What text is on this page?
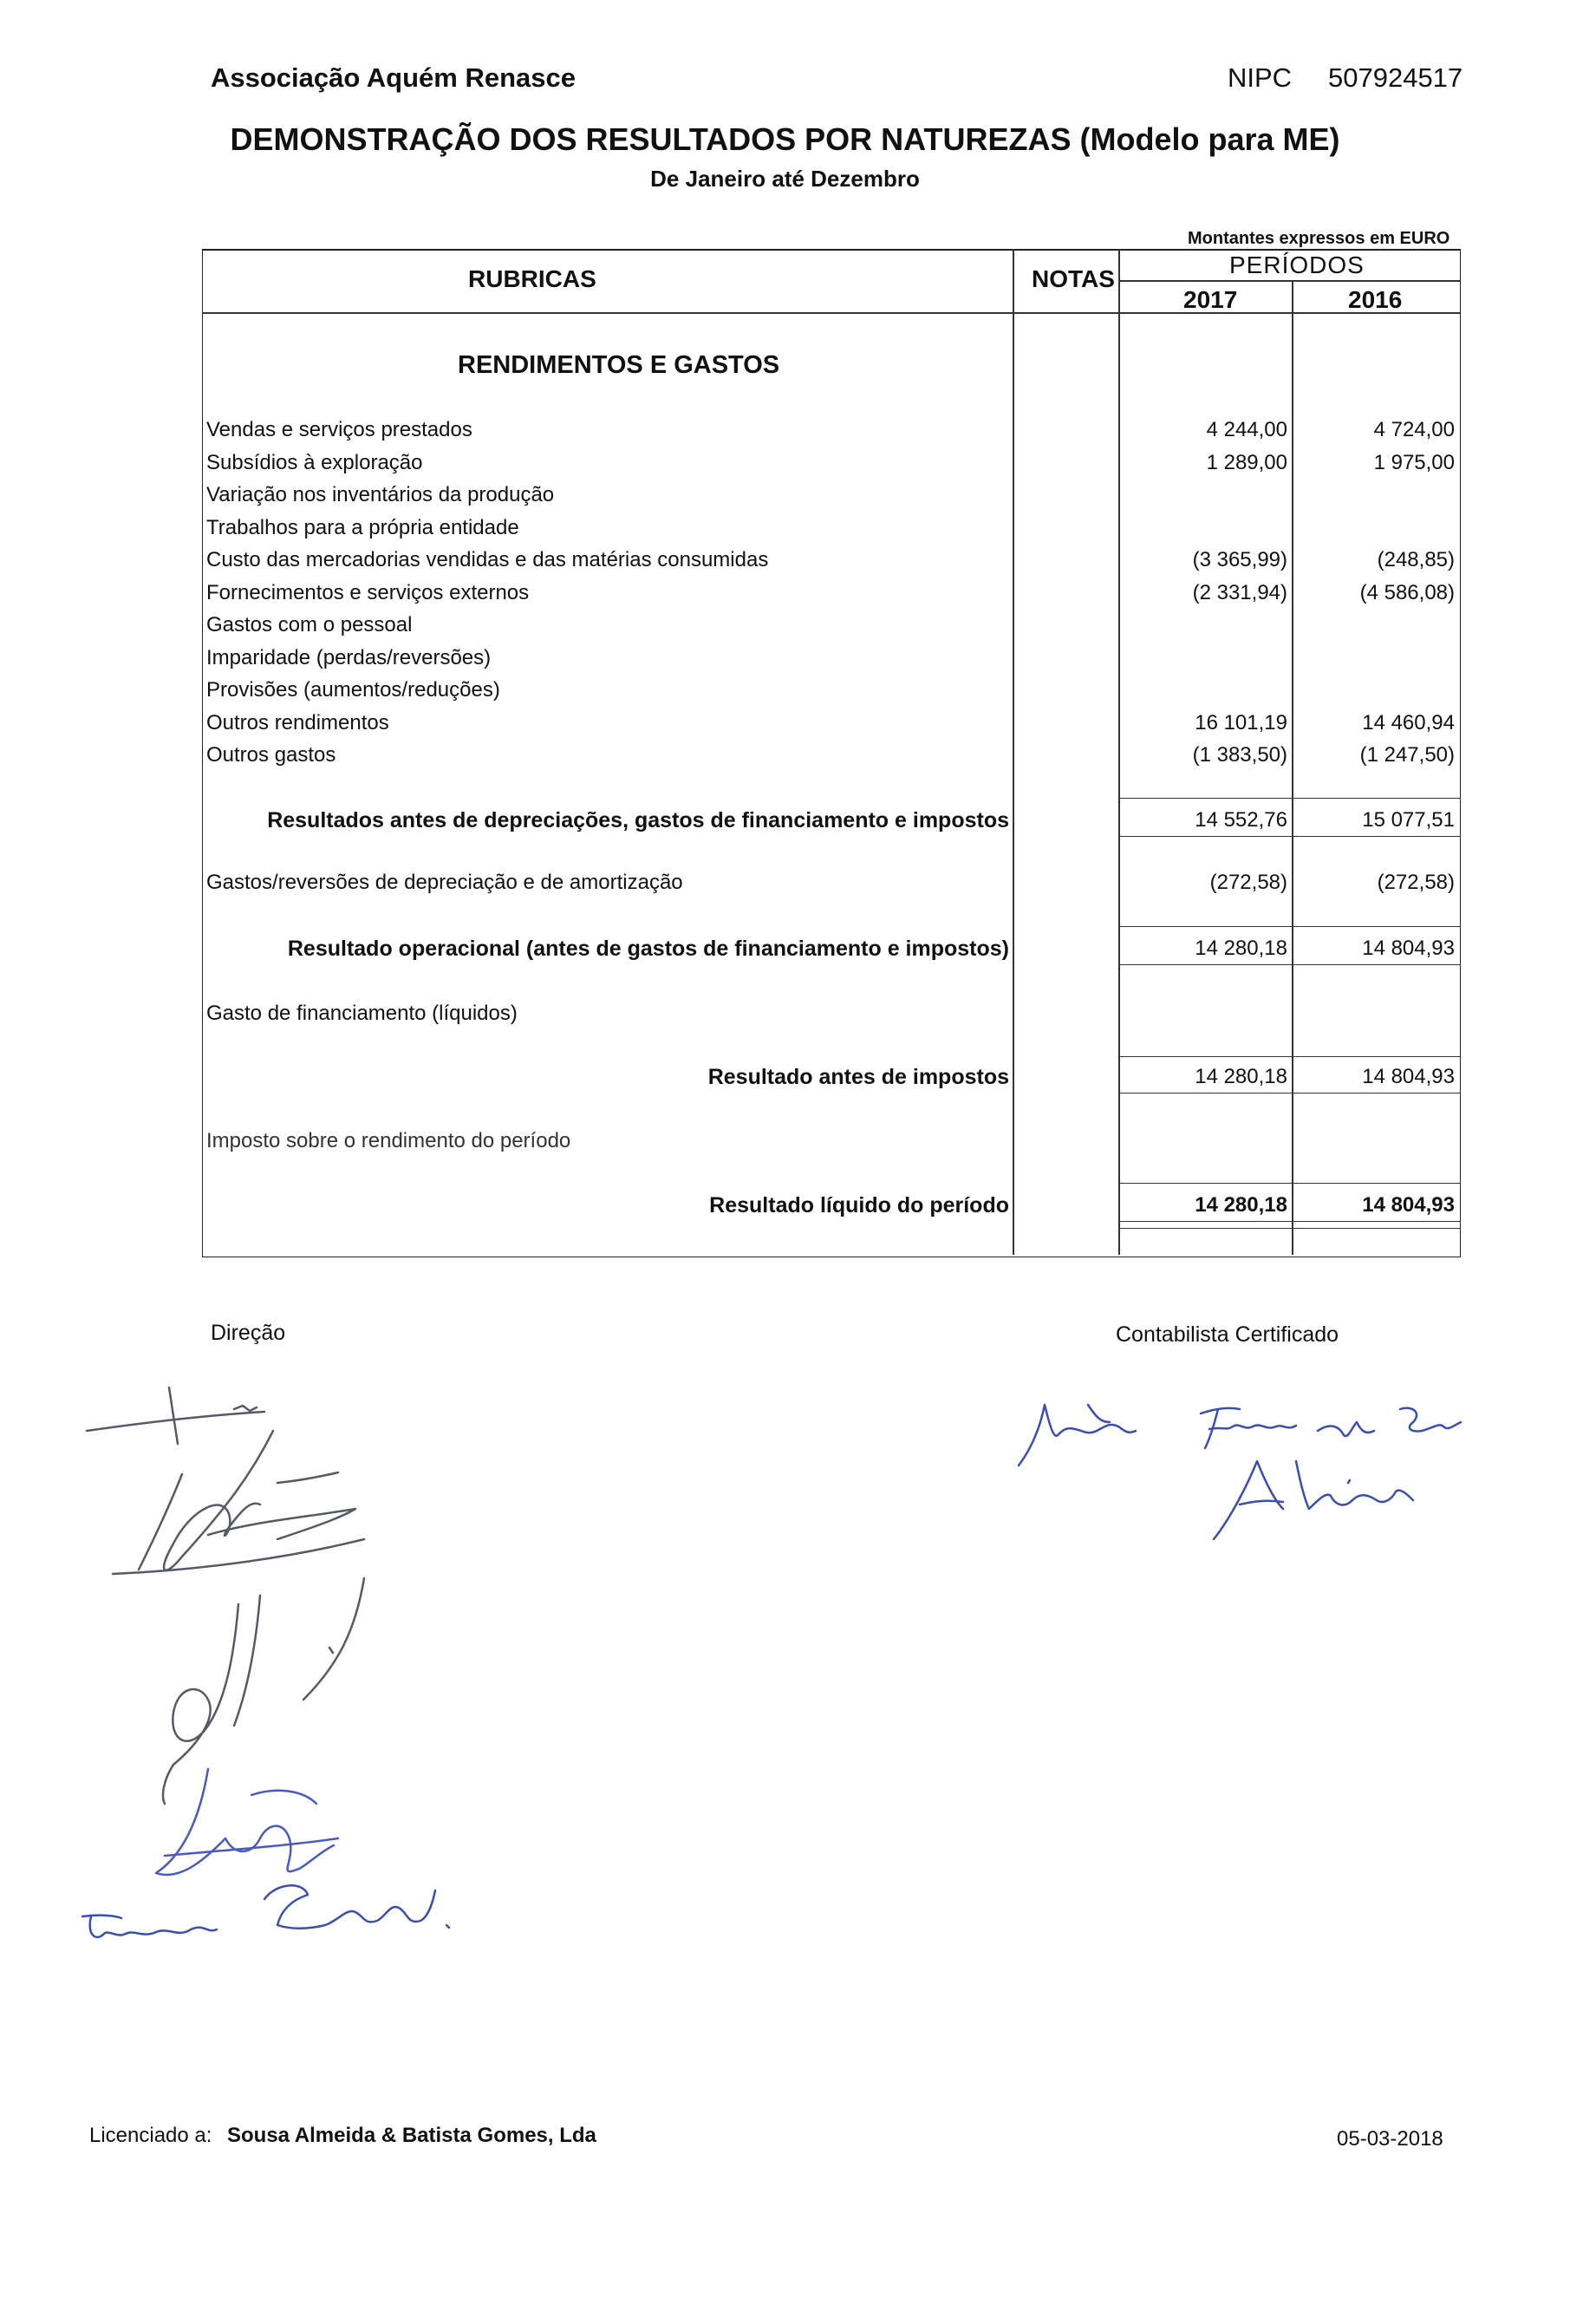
Associação Aquém Renasce	NIPC 507924517
DEMONSTRAÇÃO DOS RESULTADOS POR NATUREZAS (Modelo para ME)
De Janeiro até Dezembro
Montantes expressos em EURO
RUBRICAS	NOTAS
PERÍODOS
2017	2016
RENDIMENTOS E GASTOS
Vendas e serviços prestados	4 244,00	4 724,00
Subsídios à exploração	1 289,00	1 975,00
Variação nos inventários da produção
Trabalhos para a própria entidade
Custo das mercadorias vendidas e das matérias consumidas	(3 365,99)	(248,85)
Fornecimentos e serviços externos	(2 331,94)	(4 586,08)
Gastos com o pessoal
Imparidade (perdas/reversões)
Provisões (aumentos/reduções)
Outros rendimentos	16 101,19	14 460,94
Outros gastos	(1 383,50)	(1 247,50)
Resultados antes de depreciações, gastos de financiamento e impostos	14 552,76	15 077,51
Gastos/reversões de depreciação e de amortização	(272,58)	(272,58)
Resultado operacional (antes de gastos de financiamento e impostos)	14 280,18	14 804,93
Gasto de financiamento (líquidos)
Resultado antes de impostos	14 280,18	14 804,93
Imposto sobre o rendimento do período
Resultado líquido do período	14 280,18	14 804,93
Direção	Contabilista Certificado
Licenciado a: Sousa Almeida & Batista Gomes, Lda	05-03-2018
